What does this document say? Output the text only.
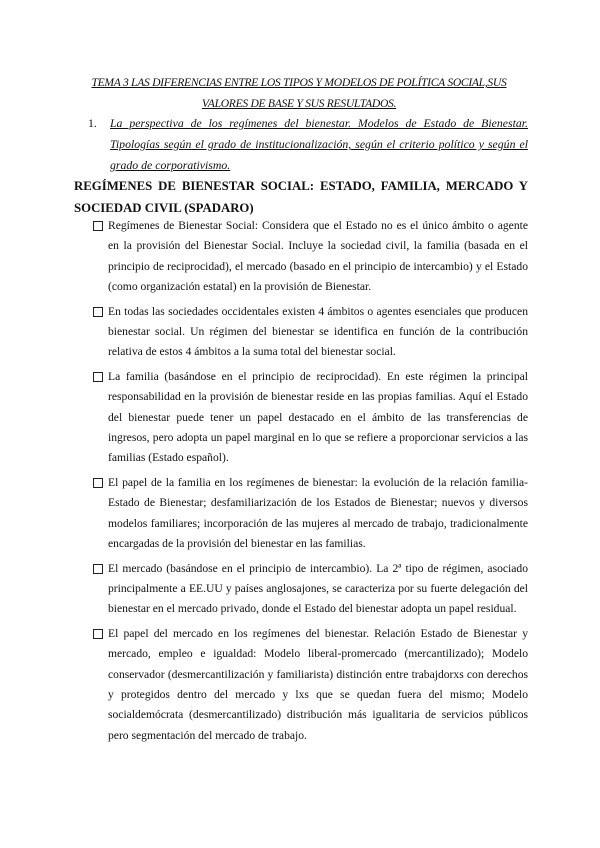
TEMA 3 LAS DIFERENCIAS ENTRE LOS TIPOS Y MODELOS DE POLÍTICA SOCIAL,SUS VALORES DE BASE Y SUS RESULTADOS.
1. La perspectiva de los regímenes del bienestar. Modelos de Estado de Bienestar. Tipologías según el grado de institucionalización, según el criterio político y según el grado de corporativismo.
REGÍMENES DE BIENESTAR SOCIAL: ESTADO, FAMILIA, MERCADO Y SOCIEDAD CIVIL (SPADARO)
Regímenes de Bienestar Social: Considera que el Estado no es el único ámbito o agente en la provisión del Bienestar Social. Incluye la sociedad civil, la familia (basada en el principio de reciprocidad), el mercado (basado en el principio de intercambio) y el Estado (como organización estatal) en la provisión de Bienestar.
En todas las sociedades occidentales existen 4 ámbitos o agentes esenciales que producen bienestar social. Un régimen del bienestar se identifica en función de la contribución relativa de estos 4 ámbitos a la suma total del bienestar social.
La familia (basándose en el principio de reciprocidad). En este régimen la principal responsabilidad en la provisión de bienestar reside en las propias familias. Aquí el Estado del bienestar puede tener un papel destacado en el ámbito de las transferencias de ingresos, pero adopta un papel marginal en lo que se refiere a proporcionar servicios a las familias (Estado español).
El papel de la familia en los regímenes de bienestar: la evolución de la relación familia-Estado de Bienestar; desfamiliarización de los Estados de Bienestar; nuevos y diversos modelos familiares; incorporación de las mujeres al mercado de trabajo, tradicionalmente encargadas de la provisión del bienestar en las familias.
El mercado (basándose en el principio de intercambio). La 2ª tipo de régimen, asociado principalmente a EE.UU y países anglosajones, se caracteriza por su fuerte delegación del bienestar en el mercado privado, donde el Estado del bienestar adopta un papel residual.
El papel del mercado en los regímenes del bienestar. Relación Estado de Bienestar y mercado, empleo e igualdad: Modelo liberal-promercado (mercantilizado); Modelo conservador (desmercantilización y familiarista) distinción entre trabajdorxs con derechos y protegidos dentro del mercado y lxs que se quedan fuera del mismo; Modelo socialdemócrata (desmercantilizado) distribución más igualitaria de servicios públicos pero segmentación del mercado de trabajo.
